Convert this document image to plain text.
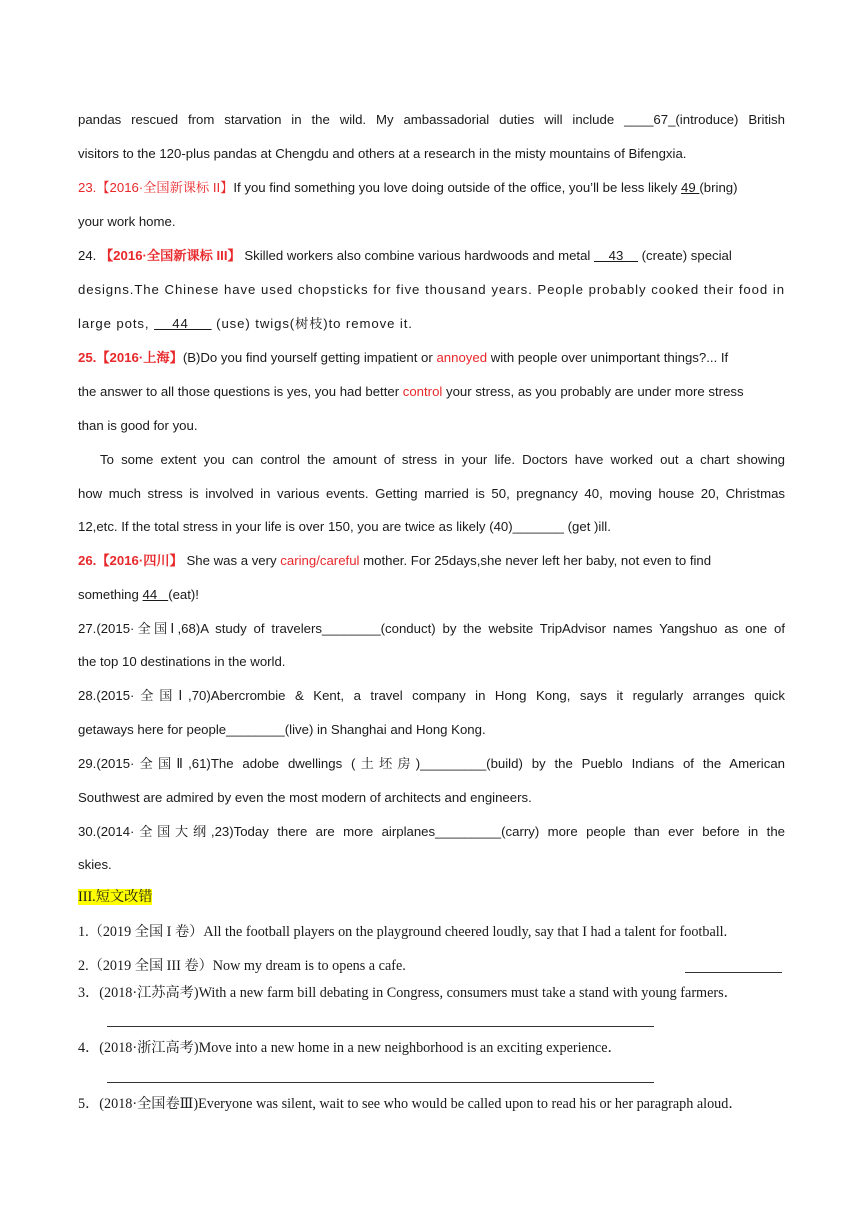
pandas rescued from starvation in the wild. My ambassadorial duties will include ____67_(introduce) British
visitors to the 120-plus pandas at Chengdu and others at a research in the misty mountains of Bifengxia.
23.【2016·全国新课标 II】If you find something you love doing outside of the office, you’ll be less likely 49 (bring)
your work home.
24. 【2016·全国新课标 III】 Skilled workers also combine various hardwoods and metal     43     (create) special
designs.The Chinese have used chopsticks for five thousand years. People probably cooked their food in
large pots,     44      (use) twigs(树枝)to remove it.
25.【2016·上海】(B)Do you find yourself getting impatient or annoyed with people over unimportant things?... If
the answer to all those questions is yes, you had better control your stress, as you probably are under more stress
than is good for you.
To some extent you can control the amount of stress in your life. Doctors have worked out a chart showing
how much stress is involved in various events. Getting married is 50, pregnancy 40, moving house 20, Christmas
12,etc. If the total stress in your life is over 150, you are twice as likely (40)_______ (get )ill.
26.【2016·四川】 She was a very caring/careful mother. For 25days,she never left her baby, not even to find
something 44   (eat)!
27.(2015·全国Ⅰ,68)A study of travelers________(conduct) by the website TripAdvisor names Yangshuo as one of
the top 10 destinations in the world.
28.(2015·全国Ⅰ,70)Abercrombie & Kent, a travel company in Hong Kong, says it regularly arranges quick
getaways here for people________(live) in Shanghai and Hong Kong.
29.(2015·全国Ⅱ,61)The adobe dwellings (土坯房)_________(build) by the Pueblo Indians of the American
Southwest are admired by even the most modern of architects and engineers.
30.(2014·全国大纲,23)Today there are more airplanes_________(carry) more people than ever before in the
skies.
III.短文改错
1.（2019 全国 I 卷）All the football players on the playground cheered loudly, say that I had a talent for football.
2.（2019 全国 III 卷）Now my dream is to opens a cafe.
3．(2018·江苏高考)With a new farm bill debating in Congress, consumers must take a stand with young farmers．
4．(2018·浙江高考)Move into a new home in a new neighborhood is an exciting experience．
5．(2018·全国卷Ⅲ)Everyone was silent, wait to see who would be called upon to read his or her paragraph aloud．
